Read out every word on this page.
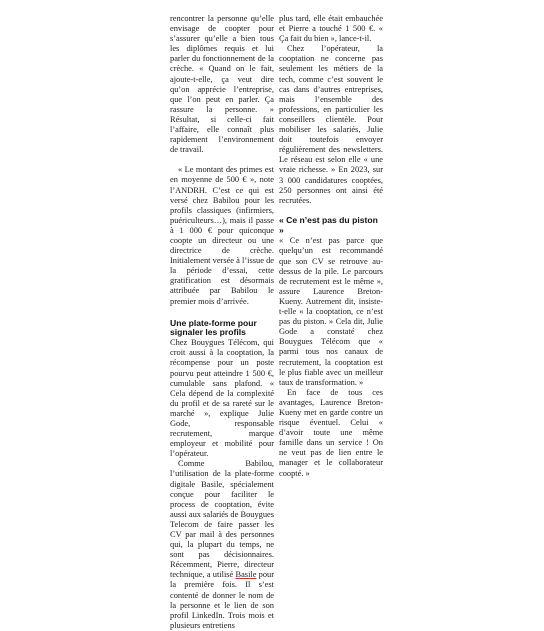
rencontrer la personne qu’elle envisage de coopter pour s’assurer qu’elle a bien tous les diplômes requis et lui parler du fonctionnement de la crèche. « Quand on le fait, ajoute-t-elle, ça veut dire qu’on apprécie l’entreprise, que l’on peut en parler. Ça rassure la personne. » Résultat, si celle-ci fait l’affaire, elle connaît plus rapidement l’environnement de travail.

« Le montant des primes est en moyenne de 500 € », note l’ANDRH. C’est ce qui est versé chez Babilou pour les profils classiques (infirmiers, puériculteurs…), mais il passe à 1 000 € pour quiconque coopte un directeur ou une directrice de crèche. Initialement versée à l’issue de la période d’essai, cette gratification est désormais attribuée par Babilou le premier mois d’arrivée.

Une plate-forme pour signaler les profils

Chez Bouygues Télécom, qui croit aussi à la cooptation, la récompense pour un poste pourvu peut atteindre 1 500 €, cumulable sans plafond. « Cela dépend de la complexité du profil et de sa rareté sur le marché », explique Julie Gode, responsable recrutement, marque employeur et mobilité pour l’opérateur.

Comme Babilou, l’utilisation de la plate-forme digitale Basile, spécialement conçue pour faciliter le process de cooptation, évite aussi aux salariés de Bouygues Telecom de faire passer les CV par mail à des personnes qui, la plupart du temps, ne sont pas décisionnaires. Récemment, Pierre, directeur technique, a utilisé Basile pour la première fois. Il s’est contenté de donner le nom de la personne et le lien de son profil LinkedIn. Trois mois et plusieurs entretiens

plus tard, elle était embauchée et Pierre a touché 1 500 €. « Ça fait du bien », lance-t-il.

Chez l’opérateur, la cooptation ne concerne pas seulement les métiers de la tech, comme c’est souvent le cas dans d’autres entreprises, mais l’ensemble des professions, en particulier les conseillers clientèle. Pour mobiliser les salariés, Julie doit toutefois envoyer régulièrement des newsletters. Le réseau est selon elle « une vraie richesse. » En 2023, sur 3 000 candidatures cooptées, 250 personnes ont ainsi été recrutées.

« Ce n’est pas du piston »

« Ce n’est pas parce que quelqu’un est recommandé que son CV se retrouve au-dessus de la pile. Le parcours de recrutement est le même », assure Laurence Breton-Kueny. Autrement dit, insiste-t-elle « la cooptation, ce n’est pas du piston. » Cela dit, Julie Gode a constaté chez Bouygues Télécom que « parmi tous nos canaux de recrutement, la cooptation est le plus fiable avec un meilleur taux de transformation. »

En face de tous ces avantages, Laurence Breton-Kueny met en garde contre un risque éventuel. Celui « d’avoir toute une même famille dans un service ! On ne veut pas de lien entre le manager et le collaborateur coopté. »
